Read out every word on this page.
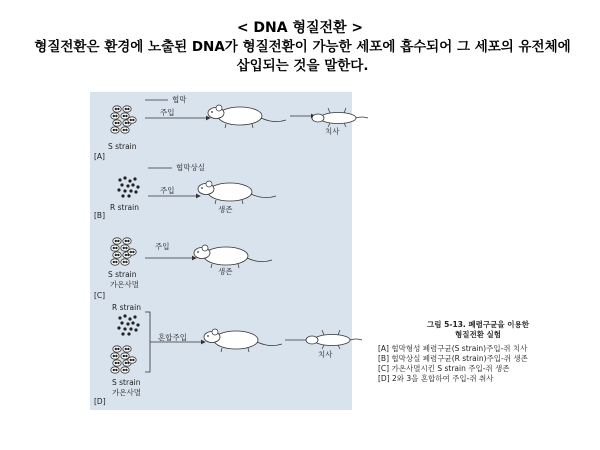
< DNA 형질전환 >
형질전환은 환경에 노출된 DNA가 형질전환이 가능한 세포에 흡수되어 그 세포의 유전체에 삽입되는 것을 말한다.
협막
주입
S strain
[A]
치사
협막상실
주입
R strain
[B]
생존
주입
S strain
가온사멸
[C]
생존
R strain
혼합주입
S strain
가온사멸
[D]
치사
그림 5-13. 폐렴구균을 이용한
형질전환 실험
[A] 협막형성 폐렴구균(S strain)주입-쥐 치사
[B] 협막상실 폐렴구균(R strain)주입-쥐 생존
[C] 가온사멸시킨 S strain 주입-쥐 생존
[D] 2와 3을 혼합하여 주입-쥐 취사
